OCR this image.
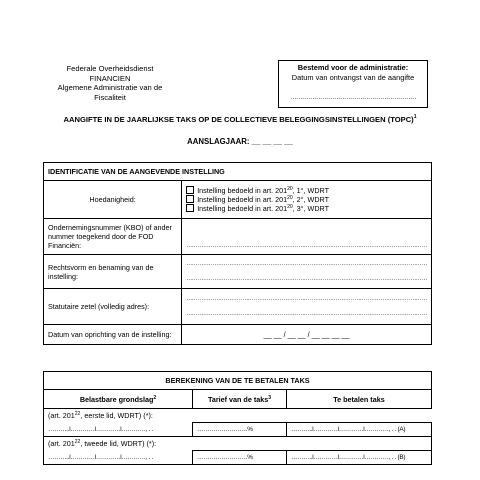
Federale Overheidsdienst
FINANCIEN
Algemene Administratie van de
Fiscaliteit
Bestemd voor de administratie:
Datum van ontvangst van de aangifte
………………………………………………………
AANGIFTE IN DE JAARLIJKSE TAKS OP DE COLLECTIEVE BELEGGINGSINSTELLINGEN (TOPC)$^1$
AANSLAGJAAR: __ __ __ __
IDENTIFICATIE VAN DE AANGEVENDE INSTELLING	
Hoedanigheid:	Instelling bedoeld in art. $201^{20}$, 1°, WDRT
Instelling bedoeld in art. $201^{20}$, 2°, WDRT
Instelling bedoeld in art. $201^{20}$, 3°, WDRT

Ondernemingsnummer (KBO) of ander nummer toegekend door de FOD Financiën:	…………………………………………………………………………………………………………………

Rechtsvorm en benaming van de instelling:	…………………………………………………………………………………………………………………
…………………………………………………………………………………………………………………

Statutaire zetel (volledig adres):	…………………………………………………………………………………………………………………
…………………………………………………………………………………………………………………

Datum van oprichting van de instelling:	__ __ / __ __ / __ __ __ __
BEREKENING VAN DE TE BETALEN TAKS		
Belastbare grondslag$^2$	Tarief van de taks$^3$	Te betalen taks
(art. $201^{22}$, eerste lid, WDRT) (*):		
………..l…………l…………l…………, . .	…………………….%	………..l…………l…………l…………, . . (A)
(art. $201^{22}$, tweede lid, WDRT) (*):		
………..l…………l…………l…………, . .	…………………….%	………..l…………l…………l…………, . . (B)
